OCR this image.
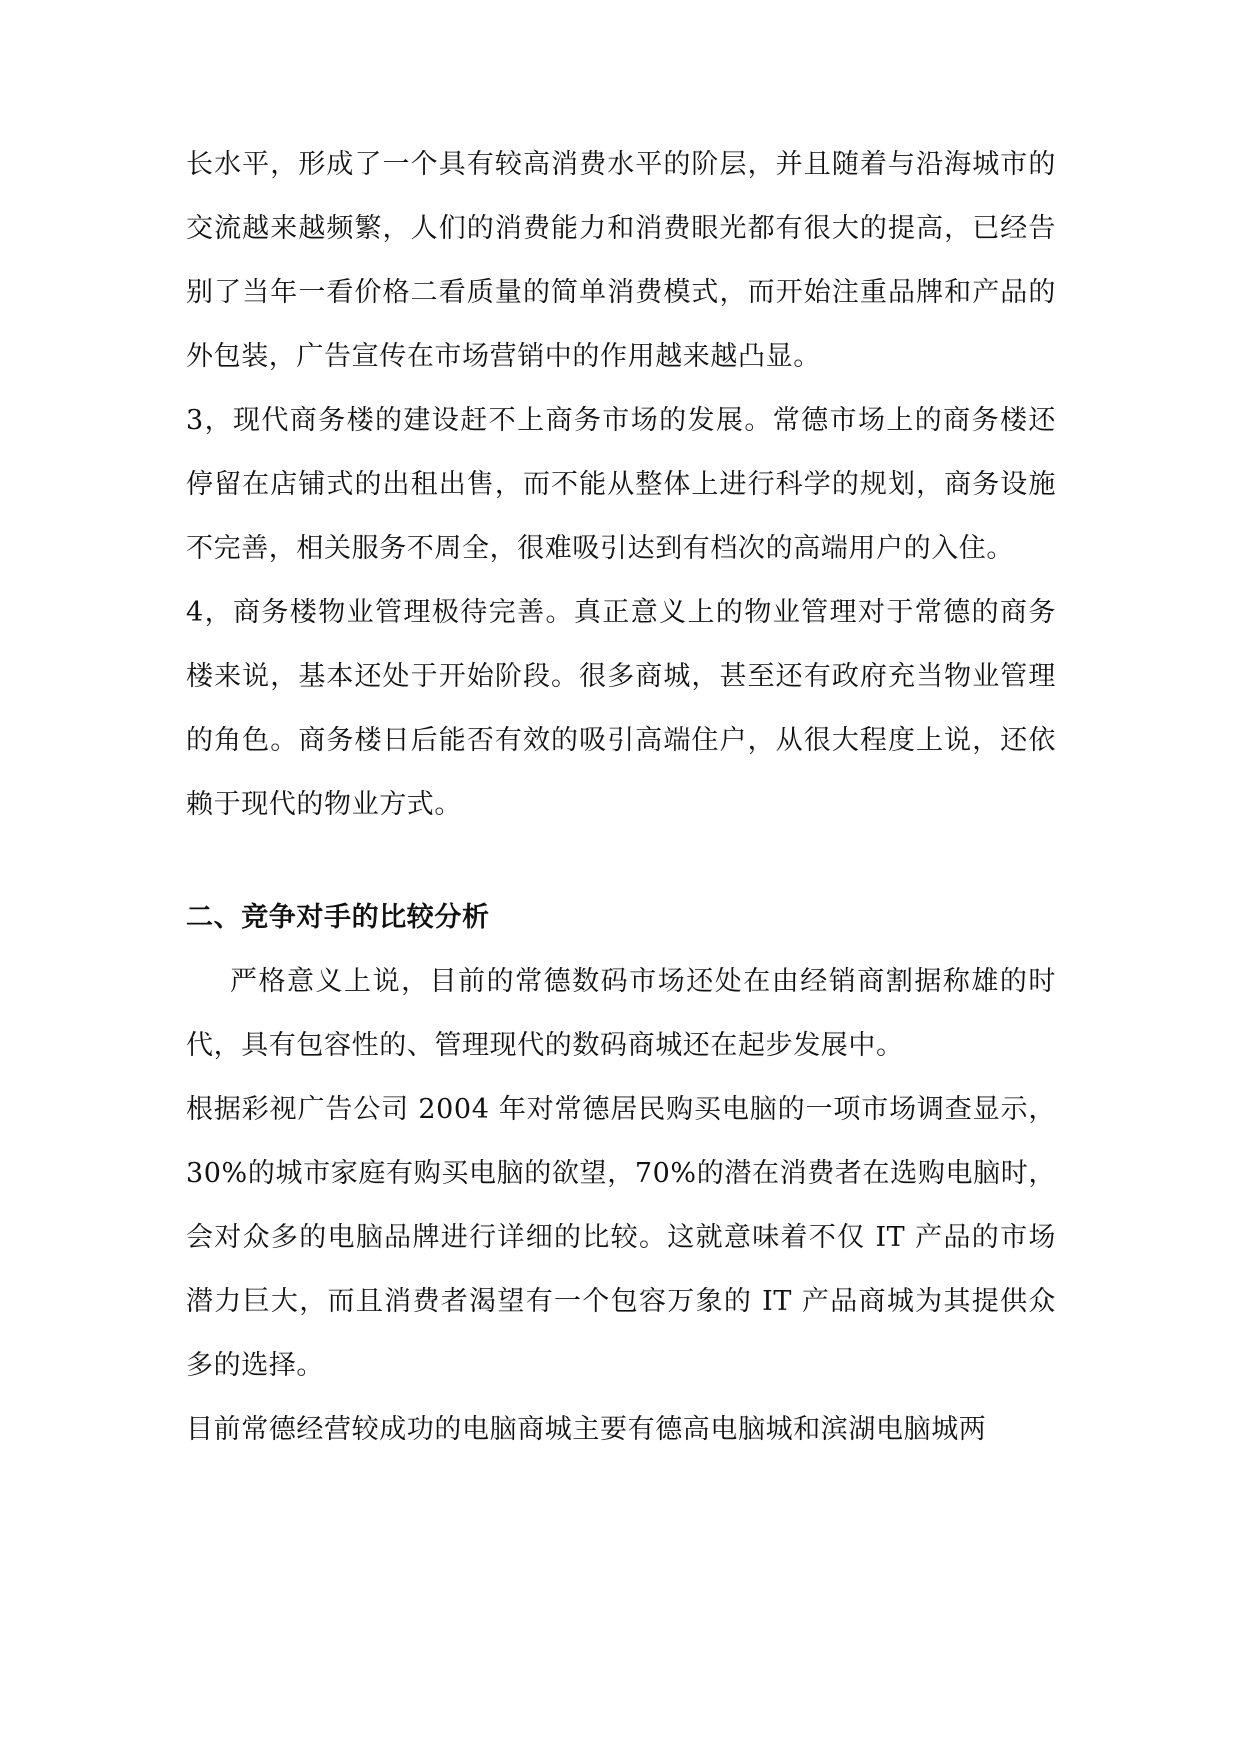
长水平，形成了一个具有较高消费水平的阶层，并且随着与沿海城市的交流越来越频繁，人们的消费能力和消费眼光都有很大的提高，已经告别了当年一看价格二看质量的简单消费模式，而开始注重品牌和产品的外包装，广告宣传在市场营销中的作用越来越凸显。

3，现代商务楼的建设赶不上商务市场的发展。常德市场上的商务楼还停留在店铺式的出租出售，而不能从整体上进行科学的规划，商务设施不完善，相关服务不周全，很难吸引达到有档次的高端用户的入住。

4，商务楼物业管理极待完善。真正意义上的物业管理对于常德的商务楼来说，基本还处于开始阶段。很多商城，甚至还有政府充当物业管理的角色。商务楼日后能否有效的吸引高端住户，从很大程度上说，还依赖于现代的物业方式。

二、竞争对手的比较分析

严格意义上说，目前的常德数码市场还处在由经销商割据称雄的时代，具有包容性的、管理现代的数码商城还在起步发展中。

根据彩视广告公司 2004 年对常德居民购买电脑的一项市场调查显示，30%的城市家庭有购买电脑的欲望，70%的潜在消费者在选购电脑时，会对众多的电脑品牌进行详细的比较。这就意味着不仅 IT 产品的市场潜力巨大，而且消费者渴望有一个包容万象的 IT 产品商城为其提供众多的选择。

目前常德经营较成功的电脑商城主要有德高电脑城和滨湖电脑城两
